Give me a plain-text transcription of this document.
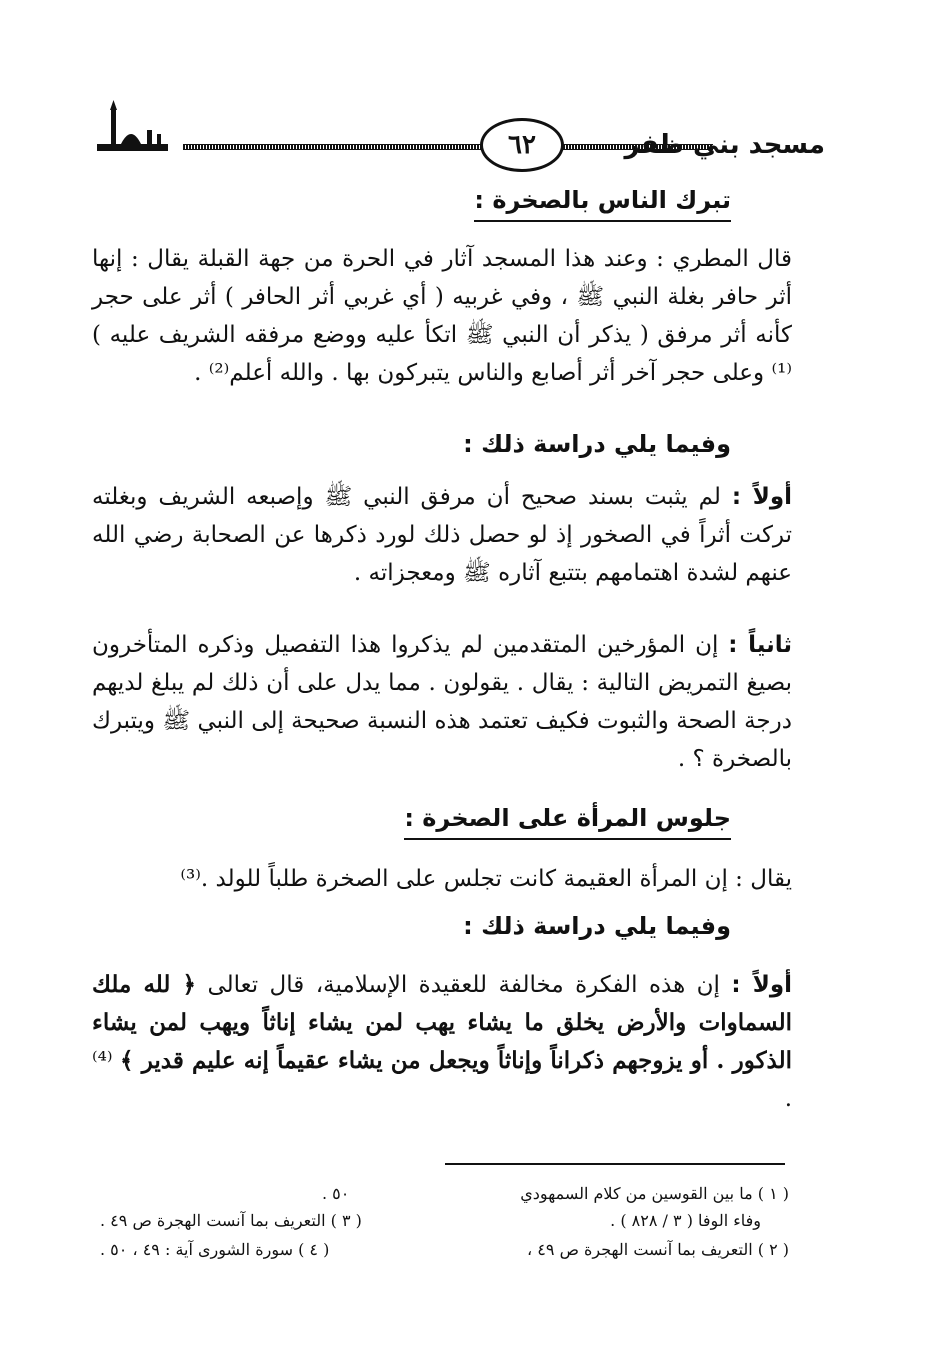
٦٢	مسجد بني ظفر
تبرك الناس بالصخرة :
قال المطري : وعند هذا المسجد آثار في الحرة من جهة القبلة يقال : إنها أثر حافر بغلة النبي ﷺ ، وفي غربيه ( أي غربي أثر الحافر ) أثر على حجر كأنه أثر مرفق ( يذكر أن النبي ﷺ اتكأ عليه ووضع مرفقه الشريف عليه )⁽¹⁾ وعلى حجر آخر أثر أصابع والناس يتبركون بها . والله أعلم⁽²⁾ .
وفيما يلي دراسة ذلك :
أولاً : لم يثبت بسند صحيح أن مرفق النبي ﷺ وإصبعه الشريف وبغلته تركت أثراً في الصخور إذ لو حصل ذلك لورد ذكرها عن الصحابة رضي الله عنهم لشدة اهتمامهم بتتبع آثاره ﷺ ومعجزاته .
ثانياً : إن المؤرخين المتقدمين لم يذكروا هذا التفصيل وذكره المتأخرون بصيغ التمريض التالية : يقال . يقولون . مما يدل على أن ذلك لم يبلغ لديهم درجة الصحة والثبوت فكيف تعتمد هذه النسبة صحيحة إلى النبي ﷺ ويتبرك بالصخرة ؟ .
جلوس المرأة على الصخرة :
يقال : إن المرأة العقيمة كانت تجلس على الصخرة طلباً للولد .⁽³⁾
وفيما يلي دراسة ذلك :
أولاً : إن هذه الفكرة مخالفة للعقيدة الإسلامية، قال تعالى ﴿ لله ملك السماوات والأرض يخلق ما يشاء يهب لمن يشاء إناثاً ويهب لمن يشاء الذكور . أو يزوجهم ذكراناً وإناثاً ويجعل من يشاء عقيماً إنه عليم قدير ﴾ ⁽⁴⁾ .
( ١ ) ما بين القوسين من كلام السمهودي
وفاء الوفا ( ٣ / ٨٢٨ ) .
( ٢ ) التعريف بما آنست الهجرة ص ٤٩ ،
٥٠ .
( ٣ ) التعريف بما آنست الهجرة ص ٤٩ .
( ٤ ) سورة الشورى آية : ٤٩ ، ٥٠ .
